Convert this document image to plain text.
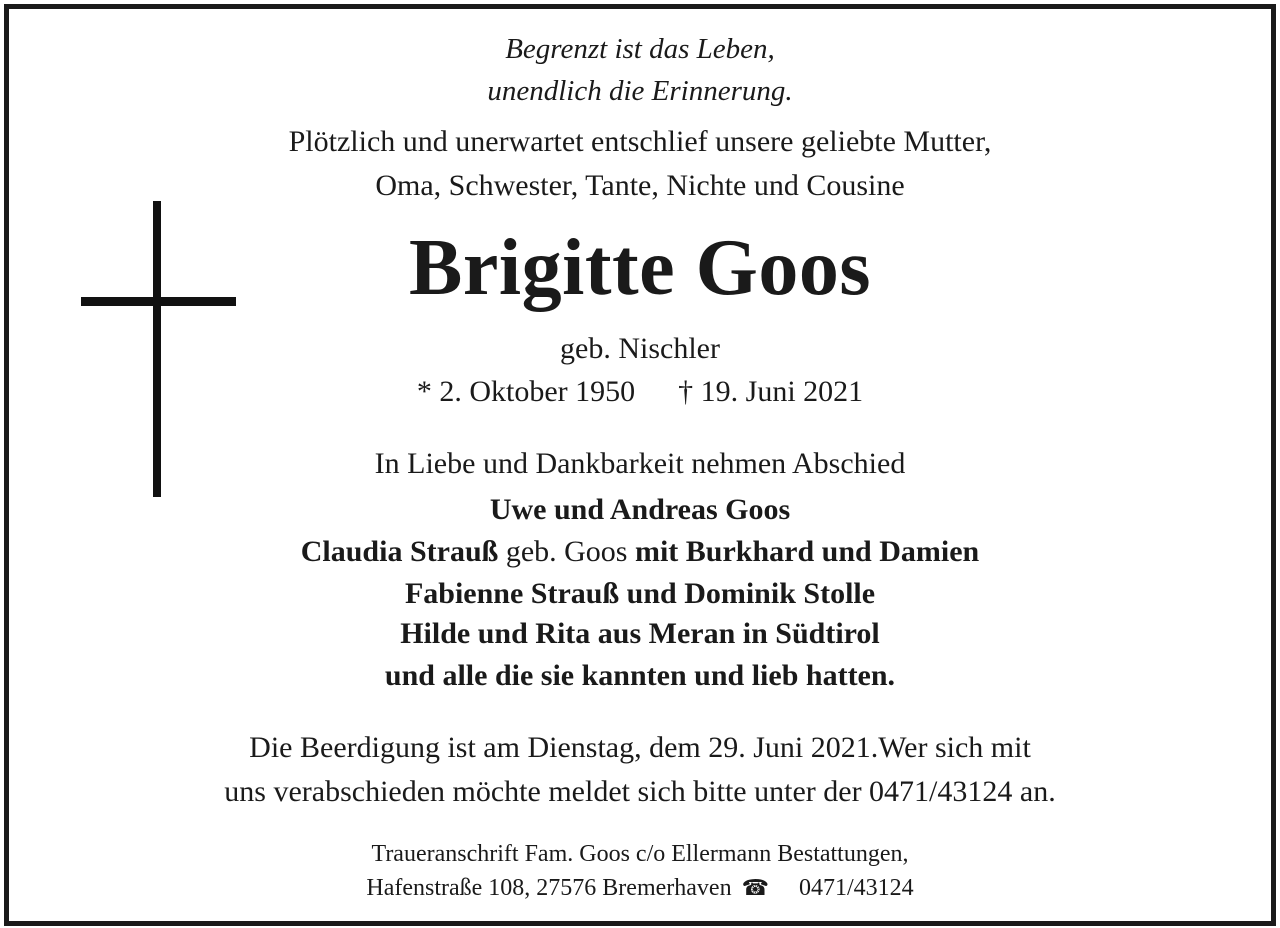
Begrenzt ist das Leben,
unendlich die Erinnerung.
Plötzlich und unerwartet entschlief unsere geliebte Mutter,
Oma, Schwester, Tante, Nichte und Cousine
Brigitte Goos
geb. Nischler
* 2. Oktober 1950 † 19. Juni 2021
In Liebe und Dankbarkeit nehmen Abschied
Uwe und Andreas Goos
Claudia Strauß geb. Goos mit Burkhard und Damien
Fabienne Strauß und Dominik Stolle
Hilde und Rita aus Meran in Südtirol
und alle die sie kannten und lieb hatten.
Die Beerdigung ist am Dienstag, dem 29. Juni 2021.Wer sich mit
uns verabschieden möchte meldet sich bitte unter der 0471/43124 an.
Traueranschrift Fam. Goos c/o Ellermann Bestattungen,
Hafenstraße 108, 27576 Bremerhaven ☎ 0471/43124
